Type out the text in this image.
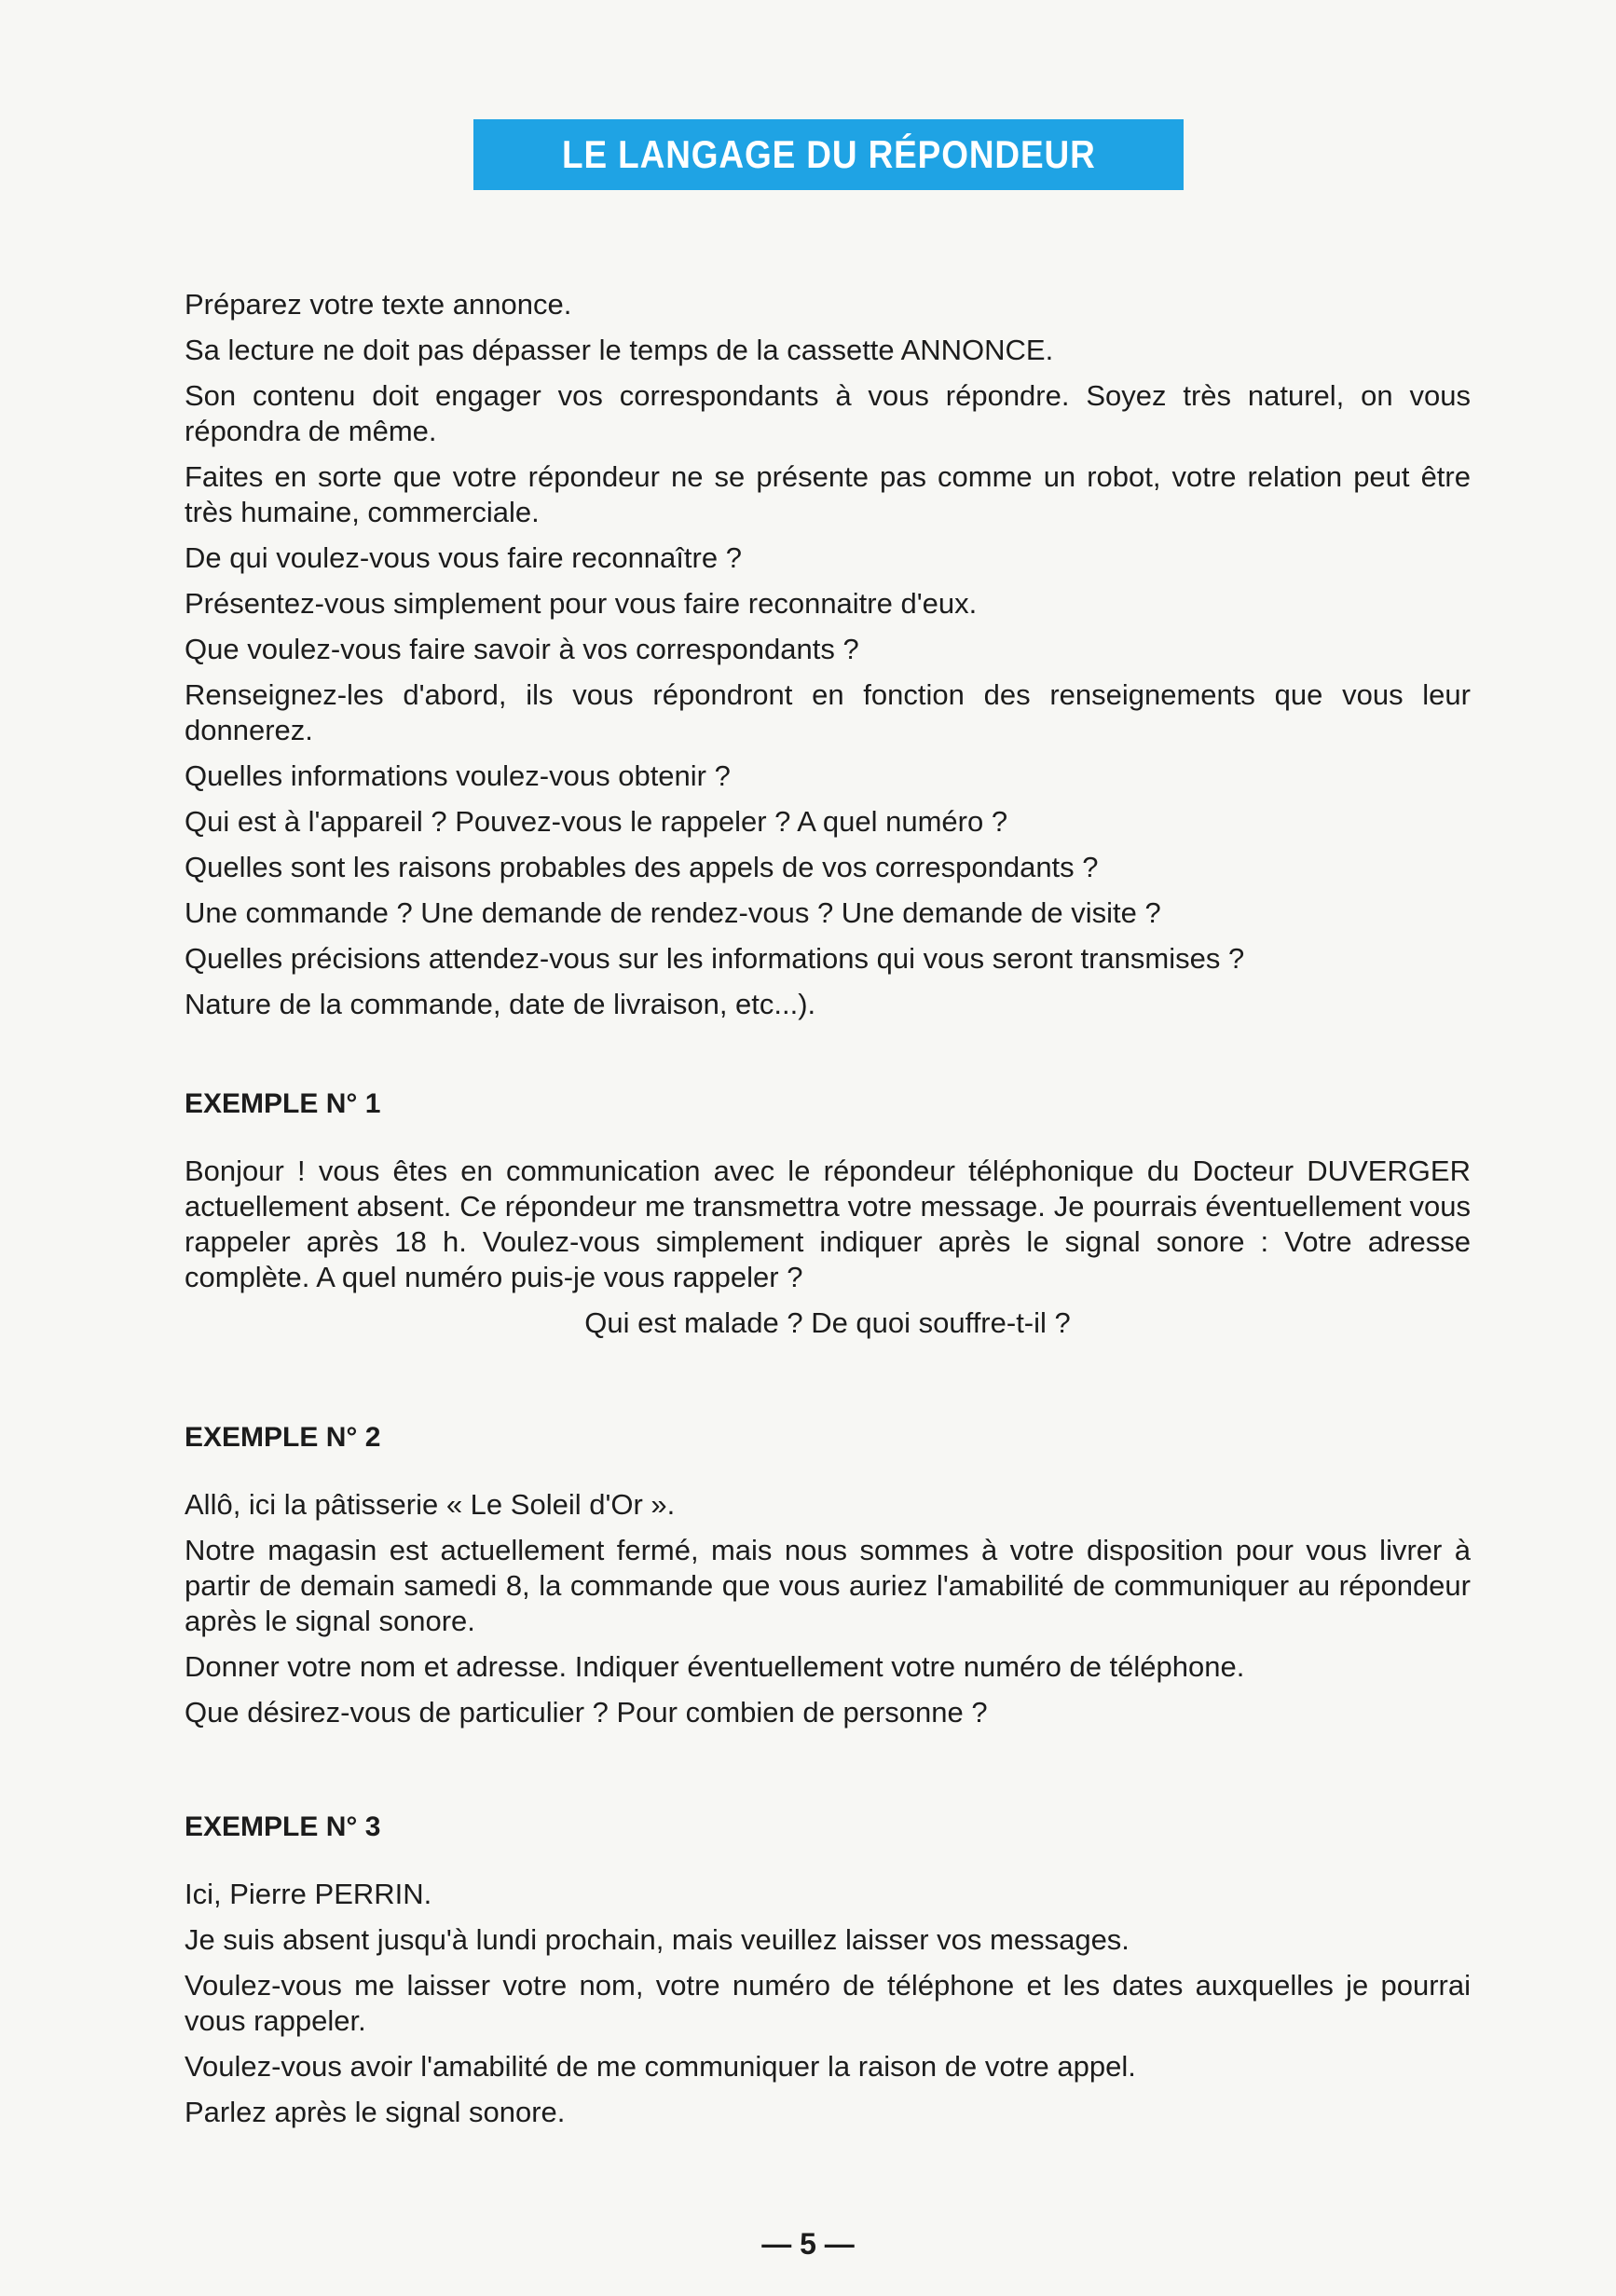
LE LANGAGE DU RÉPONDEUR

Préparez votre texte annonce.

Sa lecture ne doit pas dépasser le temps de la cassette ANNONCE.

Son contenu doit engager vos correspondants à vous répondre. Soyez très naturel, on vous répondra de même.

Faites en sorte que votre répondeur ne se présente pas comme un robot, votre relation peut être très humaine, commerciale.

De qui voulez-vous vous faire reconnaître ?

Présentez-vous simplement pour vous faire reconnaitre d'eux.

Que voulez-vous faire savoir à vos correspondants ?

Renseignez-les d'abord, ils vous répondront en fonction des renseignements que vous leur donnerez.

Quelles informations voulez-vous obtenir ?

Qui est à l'appareil ? Pouvez-vous le rappeler ? A quel numéro ?

Quelles sont les raisons probables des appels de vos correspondants ?

Une commande ? Une demande de rendez-vous ? Une demande de visite ?

Quelles précisions attendez-vous sur les informations qui vous seront transmises ?

Nature de la commande, date de livraison, etc...).

EXEMPLE N° 1

Bonjour ! vous êtes en communication avec le répondeur téléphonique du Docteur DUVERGER actuellement absent. Ce répondeur me transmettra votre message. Je pourrais éventuellement vous rappeler après 18 h. Voulez-vous simplement indiquer après le signal sonore : Votre adresse complète. A quel numéro puis-je vous rappeler ?

Qui est malade ? De quoi souffre-t-il ?

EXEMPLE N° 2

Allô, ici la pâtisserie « Le Soleil d'Or ».

Notre magasin est actuellement fermé, mais nous sommes à votre disposition pour vous livrer à partir de demain samedi 8, la commande que vous auriez l'amabilité de communiquer au répondeur après le signal sonore.

Donner votre nom et adresse. Indiquer éventuellement votre numéro de téléphone.

Que désirez-vous de particulier ? Pour combien de personne ?

EXEMPLE N° 3

Ici, Pierre PERRIN.

Je suis absent jusqu'à lundi prochain, mais veuillez laisser vos messages.

Voulez-vous me laisser votre nom, votre numéro de téléphone et les dates auxquelles je pourrai vous rappeler.

Voulez-vous avoir l'amabilité de me communiquer la raison de votre appel.

Parlez après le signal sonore.

— 5 —
